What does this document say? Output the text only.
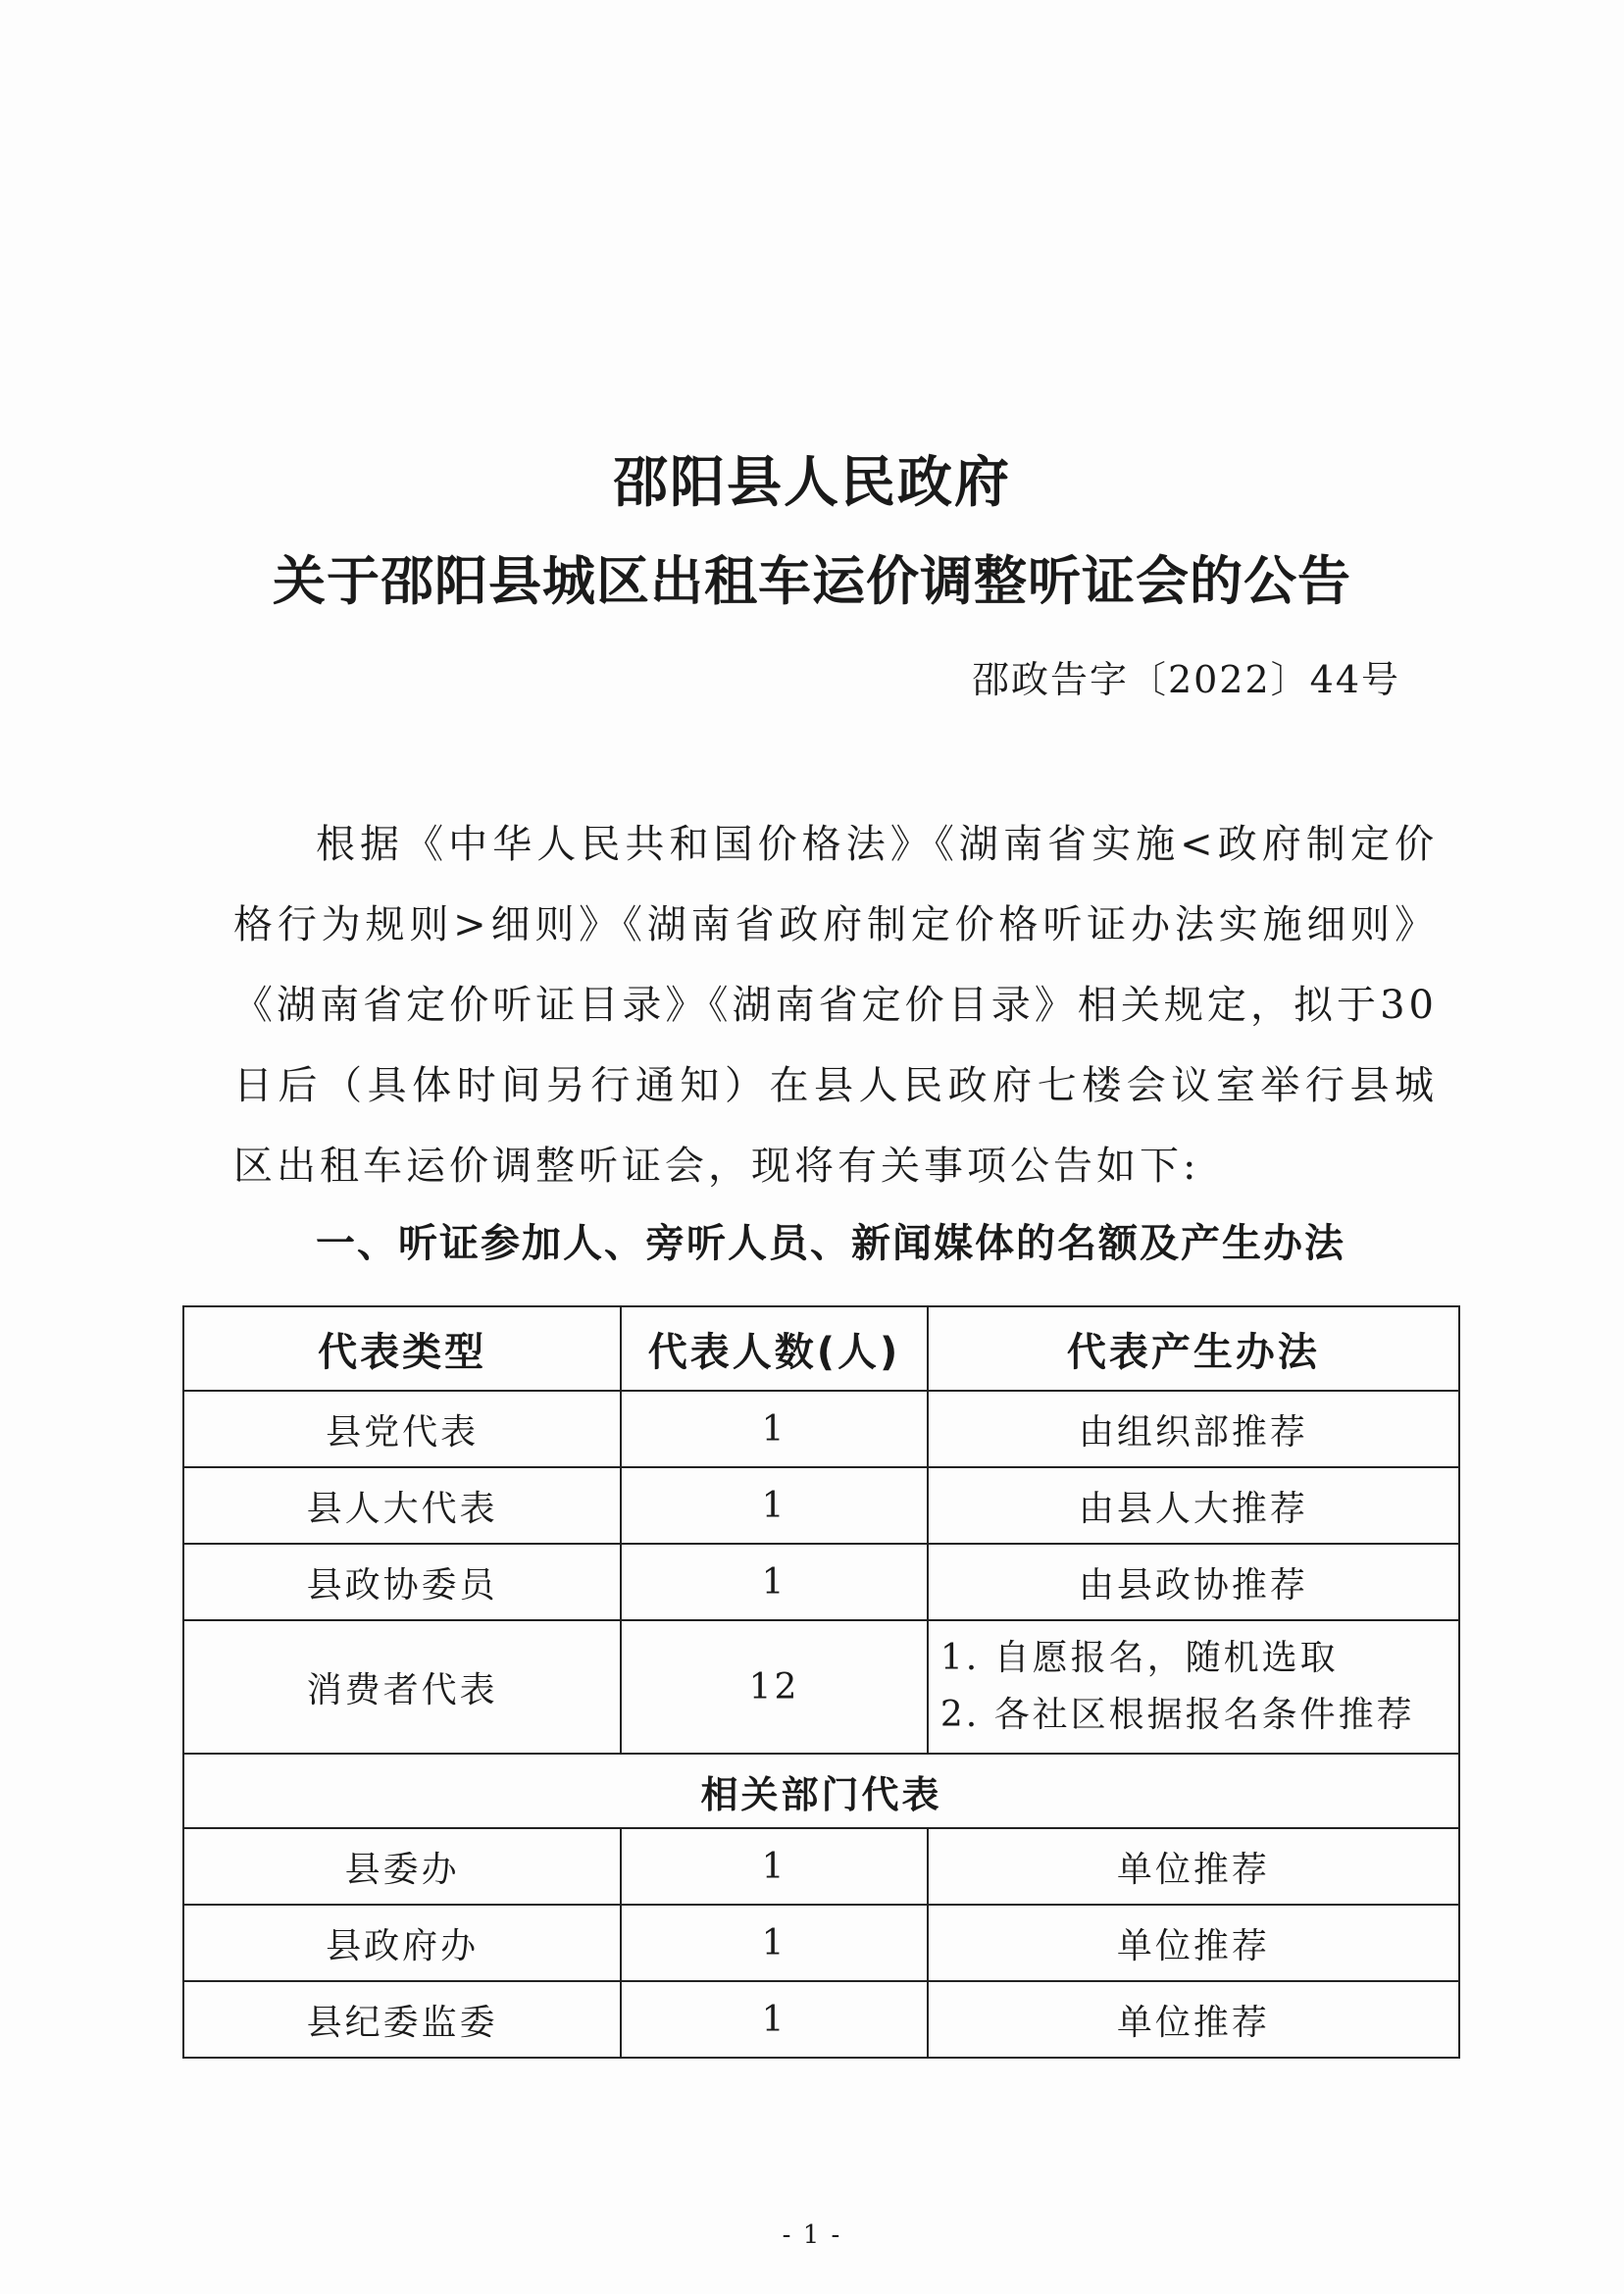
邵阳县人民政府
关于邵阳县城区出租车运价调整听证会的公告
邵政告字〔2022〕44号
根据《中华人民共和国价格法》《湖南省实施<政府制定价格行为规则>细则》《湖南省政府制定价格听证办法实施细则》《湖南省定价听证目录》《湖南省定价目录》相关规定，拟于30日后（具体时间另行通知）在县人民政府七楼会议室举行县城区出租车运价调整听证会，现将有关事项公告如下:
一、听证参加人、旁听人员、新闻媒体的名额及产生办法
代表类型	代表人数(人)	代表产生办法
县党代表	1	由组织部推荐
县人大代表	1	由县人大推荐
县政协委员	1	由县政协推荐
消费者代表	12	1. 自愿报名，随机选取
2. 各社区根据报名条件推荐

相关部门代表		
县委办	1	单位推荐
县政府办	1	单位推荐
县纪委监委	1	单位推荐
- 1 -
